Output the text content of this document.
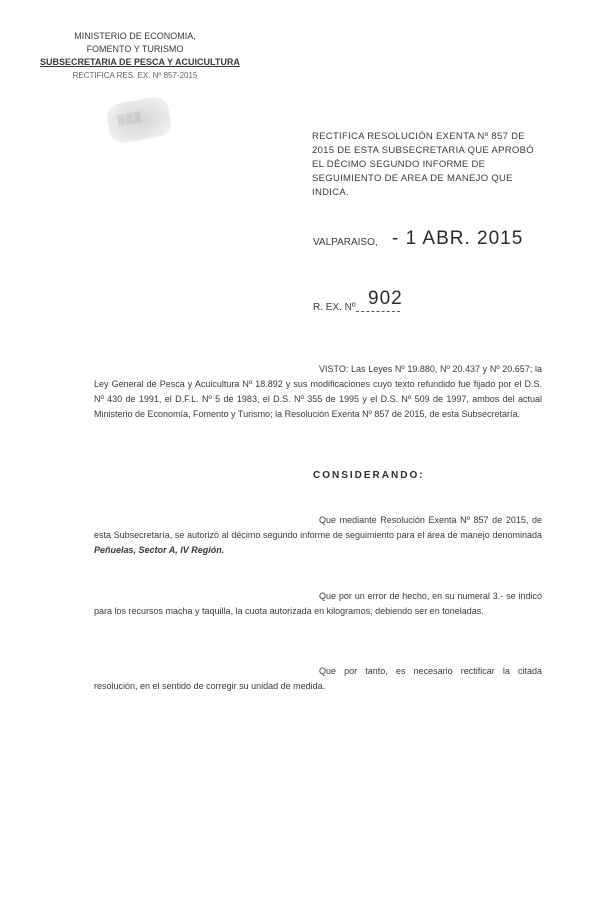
MINISTERIO DE ECONOMIA,
FOMENTO Y TURISMO
SUBSECRETARIA DE PESCA Y ACUICULTURA
RECTIFICA RES. EX. Nº 857-2015
▒▒▒
RECTIFICA RESOLUCIÓN EXENTA Nº 857 DE 2015 DE ESTA SUBSECRETARIA QUE APROBÓ EL DÉCIMO SEGUNDO INFORME DE SEGUIMIENTO DE AREA DE MANEJO QUE INDICA.
VALPARAISO, - 1 ABR. 2015
R. EX. Nº 902
VISTO: Las Leyes Nº 19.880, Nº 20.437 y Nº 20.657; la Ley General de Pesca y Acuicultura Nº 18.892 y sus modificaciones cuyo texto refundido fue fijado por el D.S. Nº 430 de 1991, el D.F.L. Nº 5 de 1983, el D.S. Nº 355 de 1995 y el D.S. Nº 509 de 1997, ambos del actual Ministerio de Economía, Fomento y Turismo; la Resolución Exenta Nº 857 de 2015, de esta Subsecretaría.
CONSIDERANDO:
Que mediante Resolución Exenta Nº 857 de 2015, de esta Subsecretaría, se autorizó al décimo segundo informe de seguimiento para el área de manejo denominada Peñuelas, Sector A, IV Región.
Que por un error de hecho, en su numeral 3.- se indicó para los recursos macha y taquilla, la cuota autorizada en kilogramos, debiendo ser en toneladas.
Que por tanto, es necesario rectificar la citada resolución, en el sentido de corregir su unidad de medida.
